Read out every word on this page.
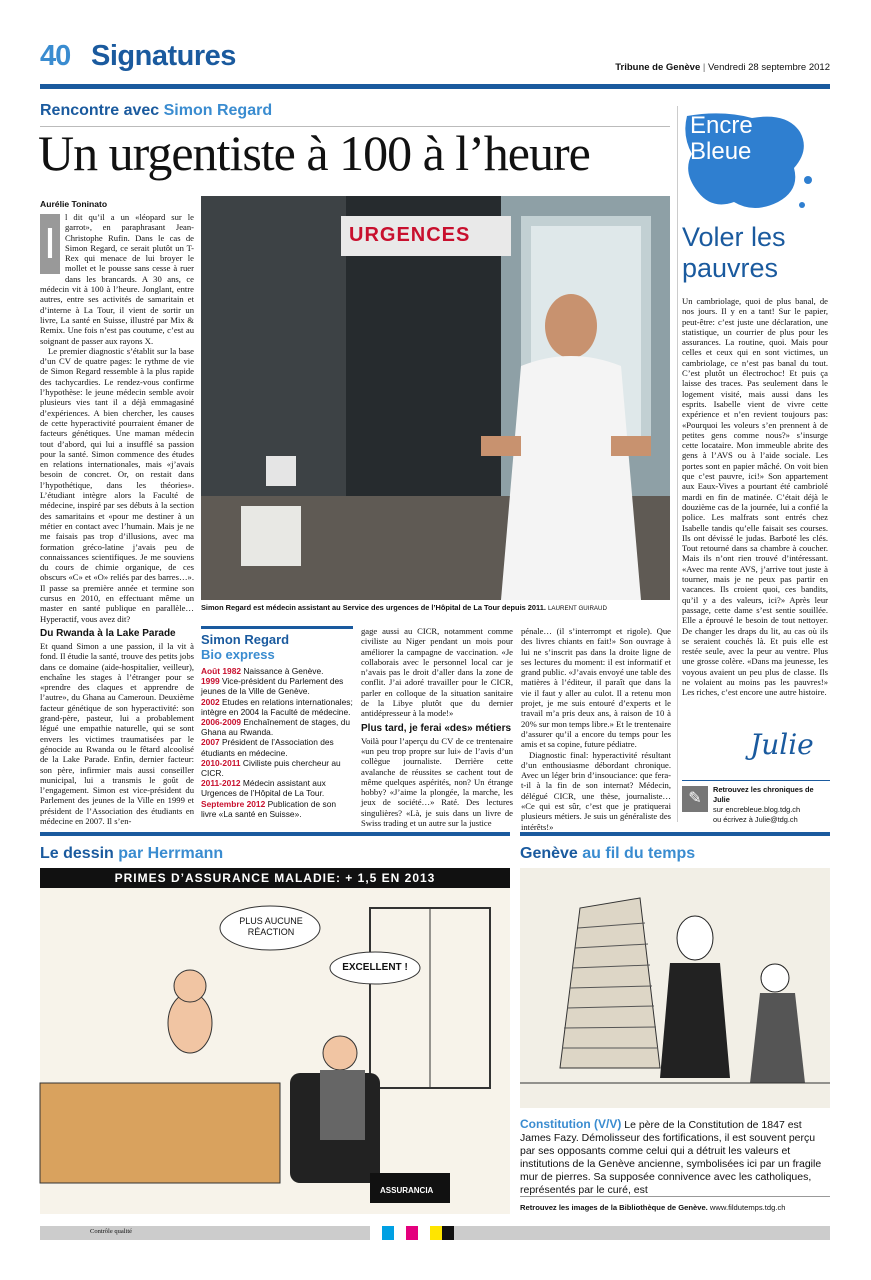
40 Signatures	Tribune de Genève | Vendredi 28 septembre 2012
Rencontre avec Simon Regard
Un urgentiste à 100 à l’heure
Aurélie Toninato
I

l dit qu’il a un «léopard sur le garrot», en paraphrasant Jean-Christophe Rufin. Dans le cas de Simon Regard, ce serait plutôt un T-Rex qui menace de lui broyer le mollet et le pousse sans cesse à ruer dans les brancards. A 30 ans, ce médecin vit à 100 à l’heure. Jonglant, entre autres, entre ses activités de samaritain et d’interne à La Tour, il vient de sortir un livre, La santé en Suisse, illustré par Mix & Remix. Une fois n’est pas coutume, c’est au soignant de passer aux rayons X.

Le premier diagnostic s’établit sur la base d’un CV de quatre pages: le rythme de vie de Simon Regard ressemble à la plus rapide des tachycardies. Le rendez-vous confirme l’hypothèse: le jeune médecin semble avoir plusieurs vies tant il a déjà emmagasiné d’expériences. A bien chercher, les causes de cette hyperactivité pourraient émaner de facteurs génétiques. Une maman médecin tout d’abord, qui lui a insufflé sa passion pour la santé. Simon commence des études en relations internationales, mais «j’avais besoin de concret. Or, on restait dans l’hypothétique, dans les théories». L’étudiant intègre alors la Faculté de médecine, inspiré par ses débuts à la section des samaritains et «pour me destiner à un métier en contact avec l’humain. Mais je ne me faisais pas trop d’illusions, avec ma formation gréco-latine j’avais peu de connaissances scientifiques. Je me souviens du cours de chimie organique, de ces obscurs «C» et «O» reliés par des barres…». Il passe sa première année et termine son cursus en 2010, en effectuant même un master en santé publique en parallèle… Hyperactif, vous avez dit?

Du Rwanda à la Lake Parade

Et quand Simon a une passion, il la vit à fond. Il étudie la santé, trouve des petits jobs dans ce domaine (aide-hospitalier, veilleur), enchaîne les stages à l’étranger pour se «prendre des claques et apprendre de l’autre», du Ghana au Cameroun. Deuxième facteur génétique de son hyperactivité: son grand-père, pasteur, lui a probablement légué une empathie naturelle, qui se sont envers les victimes traumatisées par le génocide au Rwanda ou le fêtard alcoolisé de la Lake Parade. Enfin, dernier facteur: son père, infirmier mais aussi conseiller municipal, lui a transmis le goût de l’engagement. Simon est vice-président du Parlement des jeunes de la Ville en 1999 et président de l’Association des étudiants en médecine en 2007. Il s’en-

URGENCES
Simon Regard est médecin assistant au Service des urgences de l’Hôpital de La Tour depuis 2011. LAURENT GUIRAUD
Simon Regard
Bio express
Août 1982 Naissance à Genève.
1999 Vice-président du Parlement des jeunes de la Ville de Genève.
2002 Etudes en relations internationales; intègre en 2004 la Faculté de médecine.
2006-2009 Enchaînement de stages, du Ghana au Rwanda.
2007 Président de l’Association des étudiants en médecine.
2010-2011 Civiliste puis chercheur au CICR.
2011-2012 Médecin assistant aux Urgences de l’Hôpital de La Tour.
Septembre 2012 Publication de son livre «La santé en Suisse».

gage aussi au CICR, notamment comme civiliste au Niger pendant un mois pour améliorer la campagne de vaccination. «Je collaborais avec le personnel local car je n’avais pas le droit d’aller dans la zone de conflit. J’ai adoré travailler pour le CICR, parler en colloque de la situation sanitaire de la Libye plutôt que du dernier antidépresseur à la mode!»

Plus tard, je ferai «des» métiers

Voilà pour l’aperçu du CV de ce trentenaire «un peu trop propre sur lui» de l’avis d’un collègue journaliste. Derrière cette avalanche de réussites se cachent tout de même quelques aspérités, non? Un étrange hobby? «J’aime la plongée, la marche, les jeux de société…» Raté. Des lectures singulières? «Là, je suis dans un livre de Swiss trading et un autre sur la justice

pénale… (il s’interrompt et rigole). Que des livres chiants en fait!» Son ouvrage à lui ne s’inscrit pas dans la droite ligne de ses lectures du moment: il est informatif et grand public. «J’avais envoyé une table des matières à l’éditeur, il paraît que dans la vie il faut y aller au culot. Il a retenu mon projet, je me suis entouré d’experts et le travail m’a pris deux ans, à raison de 10 à 20% sur mon temps libre.» Et le trentenaire d’assurer qu’il a encore du temps pour les amis et sa copine, future pédiatre.

Diagnostic final: hyperactivité résultant d’un enthousiasme débordant chronique. Avec un léger brin d’insouciance: que fera-t-il à la fin de son internat? Médecin, délégué CICR, une thèse, journaliste… «Ce qui est sûr, c’est que je pratiquerai plusieurs métiers. Je suis un généraliste des intérêts!»

Encre
Bleue
Voler les pauvres

Un cambriolage, quoi de plus banal, de nos jours. Il y en a tant! Sur le papier, peut-être: c’est juste une déclaration, une statistique, un courrier de plus pour les assurances. La routine, quoi. Mais pour celles et ceux qui en sont victimes, un cambriolage, ce n’est pas banal du tout. C’est plutôt un électrochoc! Et puis ça laisse des traces. Pas seulement dans le logement visité, mais aussi dans les esprits. Isabelle vient de vivre cette expérience et n’en revient toujours pas: «Pourquoi les voleurs s’en prennent à de petites gens comme nous?» s’insurge cette locataire. Mon immeuble abrite des gens à l’AVS ou à l’aide sociale. Les portes sont en papier mâché. On voit bien que c’est pauvre, ici!» Son appartement aux Eaux-Vives a pourtant été cambriolé mardi en fin de matinée. C’était déjà le douzième cas de la journée, lui a confié la police. Les malfrats sont entrés chez Isabelle tandis qu’elle faisait ses courses. Ils ont dévissé le judas. Barboté les clés. Tout retourné dans sa chambre à coucher. Mais ils n’ont rien trouvé d’intéressant. «Avec ma rente AVS, j’arrive tout juste à tourner, mais je ne peux pas partir en vacances. Ils croient quoi, ces bandits, qu’il y a des valeurs, ici?» Après leur passage, cette dame s’est sentie souillée. Elle a éprouvé le besoin de tout nettoyer. De changer les draps du lit, au cas où ils se seraient couchés là. Et puis elle est restée seule, avec la peur au ventre. Plus une grosse colère. «Dans ma jeunesse, les voyous avaient un peu plus de classe. Ils ne volaient au moins pas les pauvres!» Les riches, c’est encore une autre histoire.

Julie
✎
Retrouvez les chroniques de Julie
sur encrebleue.blog.tdg.ch
ou écrivez à Julie@tdg.ch
Le dessin par Herrmann
PRIMES D’ASSURANCE MALADIE: + 1,5 EN 2013
PLUS AUCUNE RÉACTION
EXCELLENT !
ASSURANCIA
Genève au fil du temps
Constitution (V/V) Le père de la Constitution de 1847 est James Fazy. Démolisseur des fortifications, il est souvent perçu par ses opposants comme celui qui a détruit les valeurs et institutions de la Genève ancienne, symbolisées ici par un fragile mur de pierres. Sa supposée connivence avec les catholiques, représentés par le curé, est
Retrouvez les images de la Bibliothèque de Genève. www.fildutemps.tdg.ch
Contrôle qualité
